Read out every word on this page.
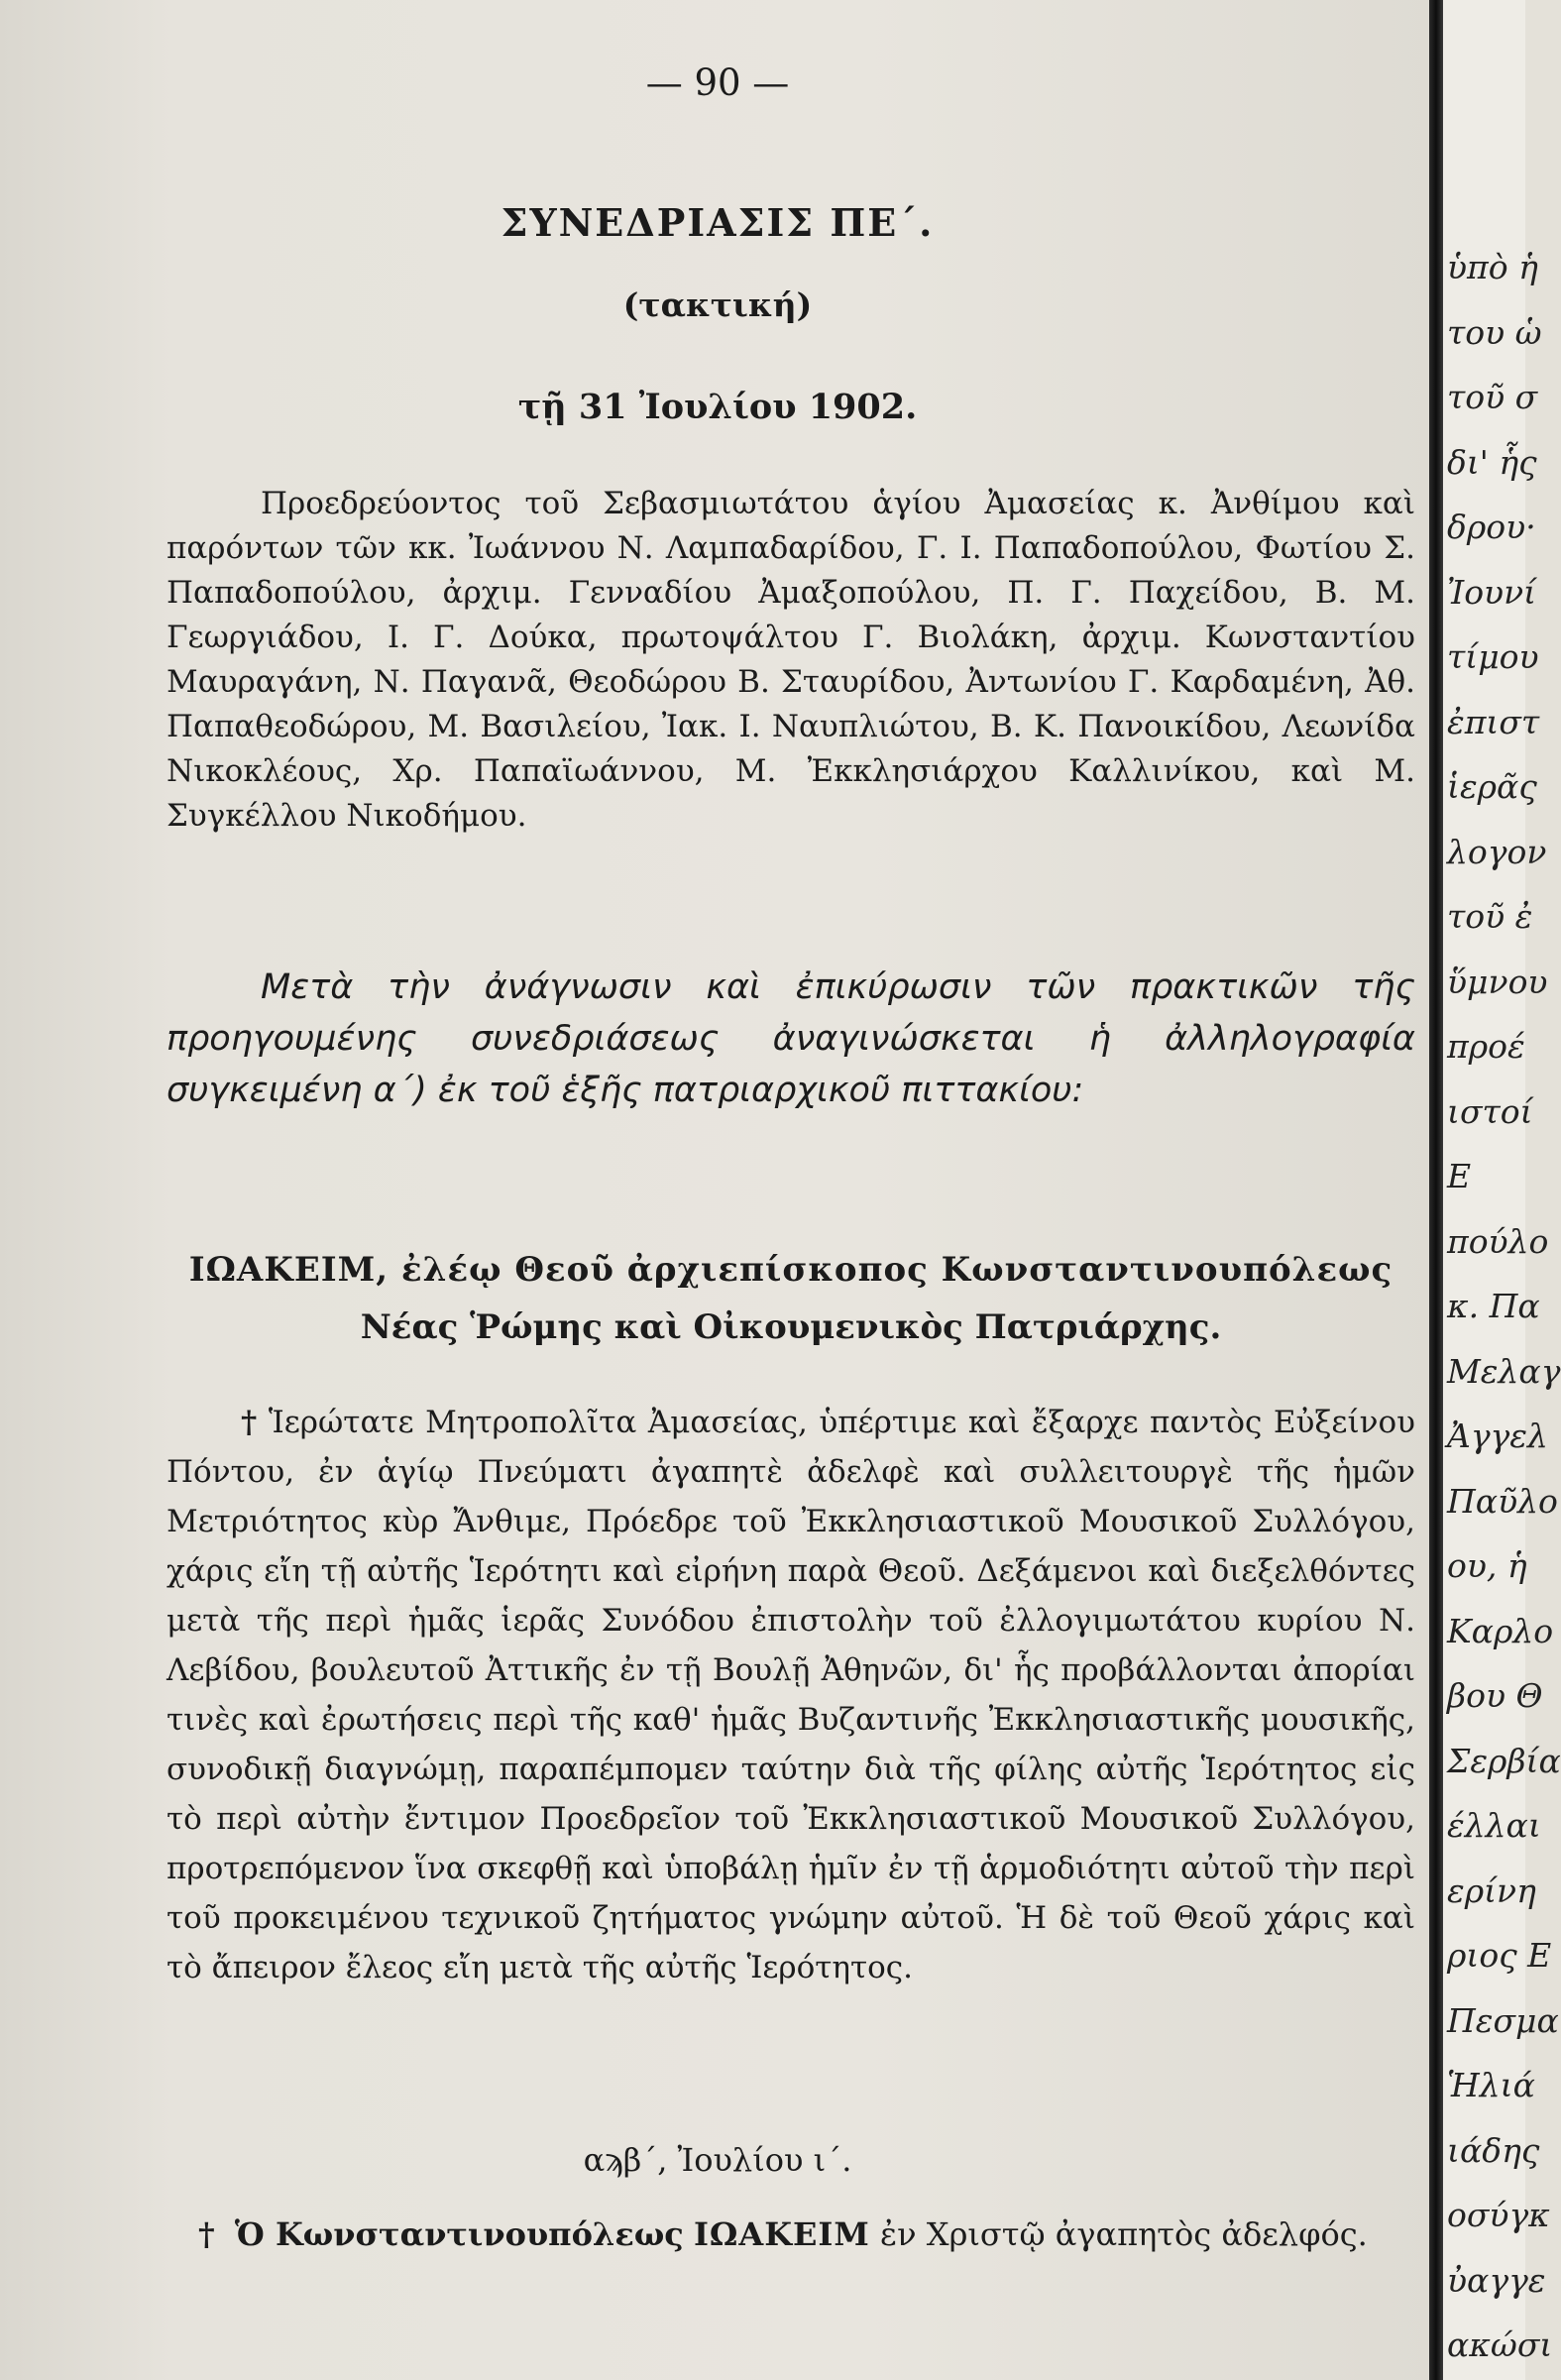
— 90 —
ΣΥΝΕΔΡΙΑΣΙΣ ΠΕ΄.
(τακτική)
τῇ 31 Ἰουλίου 1902.

Προεδρεύοντος τοῦ Σεβασμιωτάτου ἁγίου Ἀμασείας κ. Ἀνθίμου καὶ παρόντων τῶν κκ. Ἰωάννου Ν. Λαμπαδαρίδου, Γ. Ι. Παπαδοπούλου, Φωτίου Σ. Παπαδοπούλου, ἀρχιμ. Γενναδίου Ἀμαξοπούλου, Π. Γ. Παχείδου, Β. Μ. Γεωργιάδου, Ι. Γ. Δούκα, πρωτοψάλτου Γ. Βιολάκη, ἀρχιμ. Κωνσταντίου Μαυραγάνη, Ν. Παγανᾶ, Θεοδώρου Β. Σταυρίδου, Ἀντωνίου Γ. Καρδαμένη, Ἀθ. Παπαθεοδώρου, Μ. Βασιλείου, Ἰακ. Ι. Ναυπλιώτου, Β. Κ. Πανοικίδου, Λεωνίδα Νικοκλέους, Χρ. Παπαϊωάννου, Μ. Ἐκκλησιάρχου Καλλινίκου, καὶ Μ. Συγκέλλου Νικοδήμου.

Μετὰ τὴν ἀνάγνωσιν καὶ ἐπικύρωσιν τῶν πρακτικῶν τῆς προηγουμένης συνεδριάσεως ἀναγινώσκεται ἡ ἀλληλογραφία συγκειμένη α΄) ἐκ τοῦ ἑξῆς πατριαρχικοῦ πιττακίου:

ΙΩΑΚΕΙΜ, ἐλέῳ Θεοῦ ἀρχιεπίσκοπος Κωνσταντινουπόλεως
Νέας Ῥώμης καὶ Οἰκουμενικὸς Πατριάρχης.

† Ἱερώτατε Μητροπολῖτα Ἀμασείας, ὑπέρτιμε καὶ ἔξαρχε παντὸς Εὐξείνου Πόντου, ἐν ἁγίῳ Πνεύματι ἀγαπητὲ ἀδελφὲ καὶ συλλειτουργὲ τῆς ἡμῶν Μετριότητος κὺρ Ἄνθιμε, Πρόεδρε τοῦ Ἐκκλησιαστικοῦ Μουσικοῦ Συλλόγου, χάρις εἴη τῇ αὐτῆς Ἱερότητι καὶ εἰρήνη παρὰ Θεοῦ. Δεξάμενοι καὶ διεξελθόντες μετὰ τῆς περὶ ἡμᾶς ἱερᾶς Συνόδου ἐπιστολὴν τοῦ ἐλλογιμωτάτου κυρίου Ν. Λεβίδου, βουλευτοῦ Ἀττικῆς ἐν τῇ Βουλῇ Ἀθηνῶν, δι' ἧς προβάλλονται ἀπορίαι τινὲς καὶ ἐρωτήσεις περὶ τῆς καθ' ἡμᾶς Βυζαντινῆς Ἐκκλησιαστικῆς μουσικῆς, συνοδικῇ διαγνώμῃ, παραπέμπομεν ταύτην διὰ τῆς φίλης αὐτῆς Ἱερότητος εἰς τὸ περὶ αὐτὴν ἔντιμον Προεδρεῖον τοῦ Ἐκκλησιαστικοῦ Μουσικοῦ Συλλόγου, προτρεπόμενον ἵνα σκεφθῇ καὶ ὑποβάλῃ ἡμῖν ἐν τῇ ἁρμοδιότητι αὐτοῦ τὴν περὶ τοῦ προκειμένου τεχνικοῦ ζητήματος γνώμην αὐτοῦ. Ἡ δὲ τοῦ Θεοῦ χάρις καὶ τὸ ἄπειρον ἔλεος εἴη μετὰ τῆς αὐτῆς Ἱερότητος.

αϡβ΄, Ἰουλίου ι΄.
† Ὁ Κωνσταντινουπόλεως ΙΩΑΚΕΙΜ ἐν Χριστῷ ἀγαπητὸς ἀδελφός.
ὑπὸ ἡ
του ὡ
τοῦ σ
δι' ἧς
δρου·
Ἰουνί
τίμου
ἐπιστ
ἱερᾶς
λογον
τοῦ ἐ
ὕμνου
προέ
ιστοί
Ε
πούλο
κ. Πα
Μελαγ
Ἀγγελ
Παῦλο
ου, ἡ
Καρλο
βου Θ
Σερβία
έλλαι
ερίνη
ριος Ε
Πεσμα
Ἡλιά
ιάδης
οσύγκ
ὐαγγε
ακώσι
